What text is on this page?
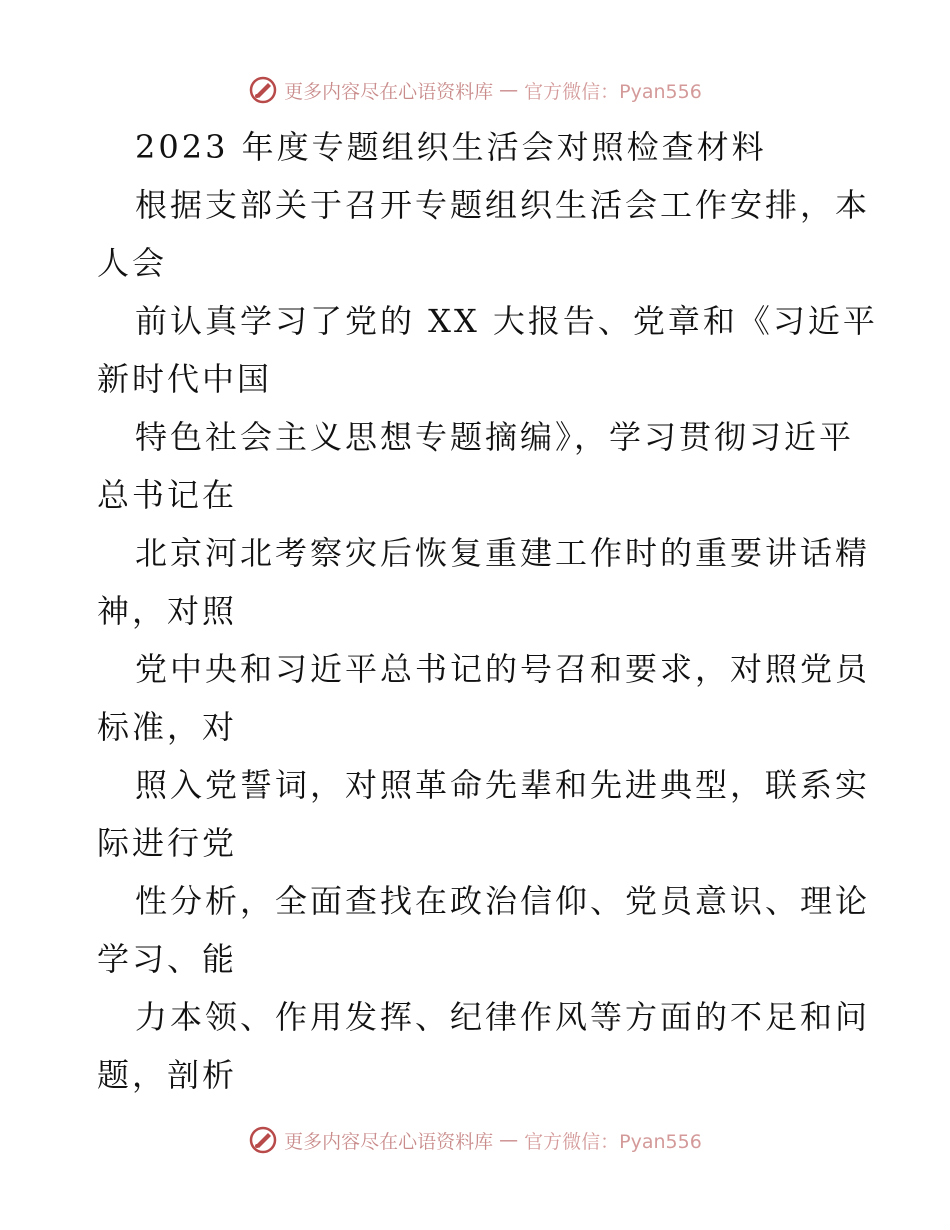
更多内容尽在心语资料库 — 官方微信：Pyan556
2023 年度专题组织生活会对照检查材料
根据支部关于召开专题组织生活会工作安排，本
人会
前认真学习了党的 XX 大报告、党章和《习近平
新时代中国
特色社会主义思想专题摘编》，学习贯彻习近平
总书记在
北京河北考察灾后恢复重建工作时的重要讲话精
神，对照
党中央和习近平总书记的号召和要求，对照党员
标准，对
照入党誓词，对照革命先辈和先进典型，联系实
际进行党
性分析，全面查找在政治信仰、党员意识、理论
学习、能
力本领、作用发挥、纪律作风等方面的不足和问
题，剖析
更多内容尽在心语资料库 — 官方微信：Pyan556
